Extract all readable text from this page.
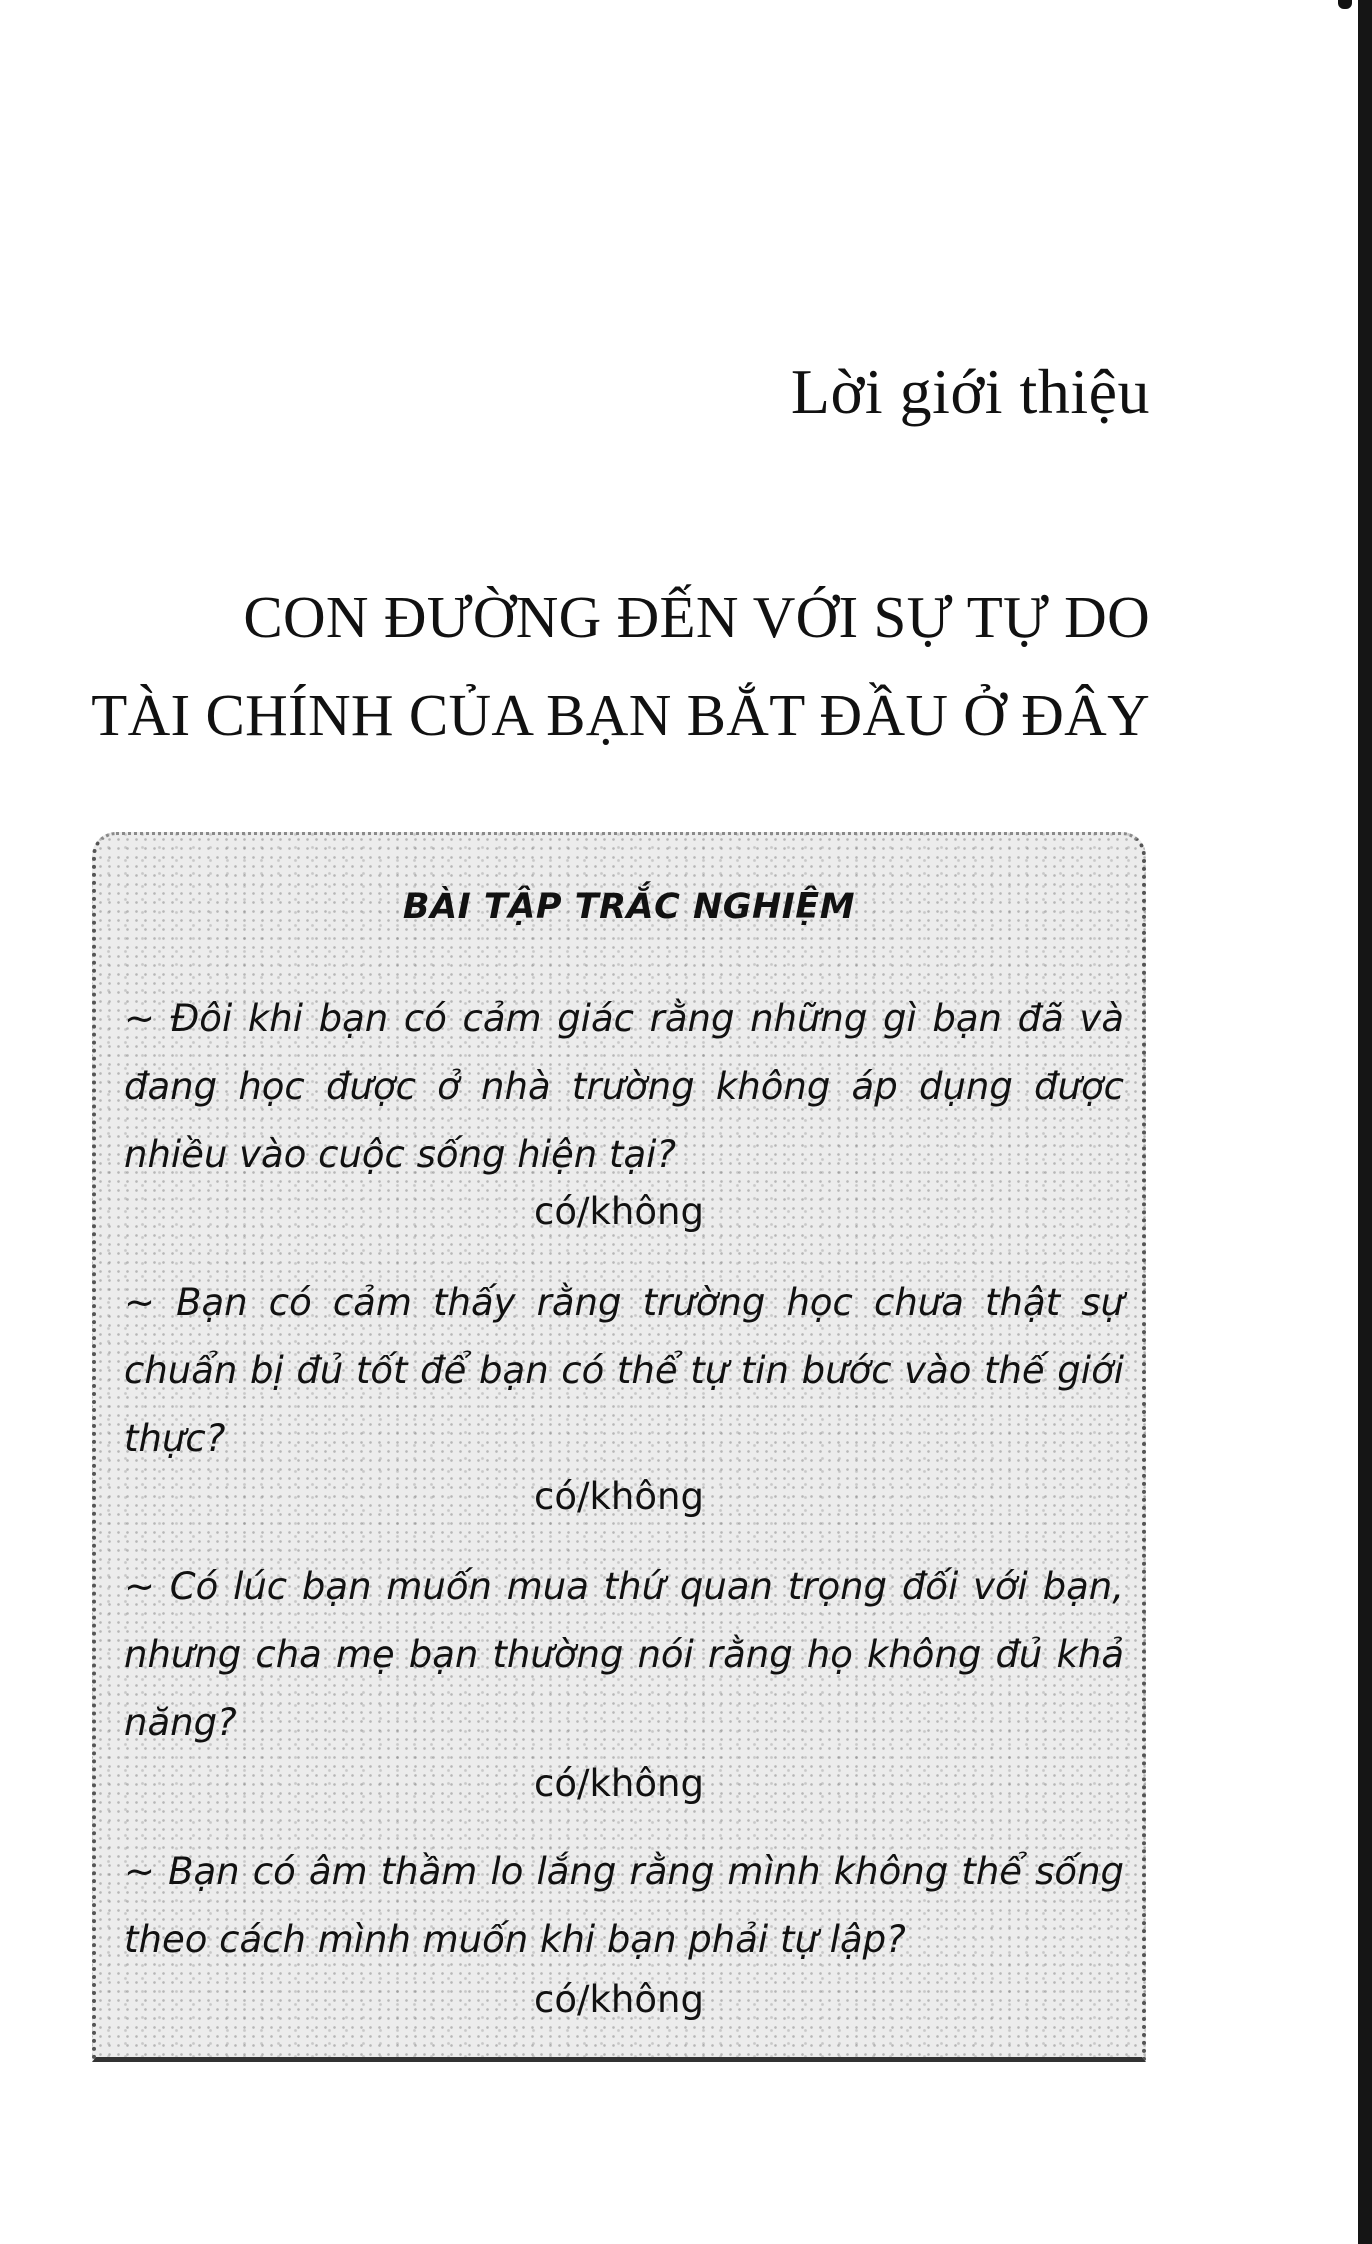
Lời giới thiệu
CON ĐƯỜNG ĐẾN VỚI SỰ TỰ DO
TÀI CHÍNH CỦA BẠN BẮT ĐẦU Ở ĐÂY
BÀI TẬP TRẮC NGHIỆM
~ Đôi khi bạn có cảm giác rằng những gì bạn đã và đang học được ở nhà trường không áp dụng được nhiều vào cuộc sống hiện tại?
có/không
~ Bạn có cảm thấy rằng trường học chưa thật sự chuẩn bị đủ tốt để bạn có thể tự tin bước vào thế giới thực?
có/không
~ Có lúc bạn muốn mua thứ quan trọng đối với bạn, nhưng cha mẹ bạn thường nói rằng họ không đủ khả năng?
có/không
~ Bạn có âm thầm lo lắng rằng mình không thể sống theo cách mình muốn khi bạn phải tự lập?
có/không
